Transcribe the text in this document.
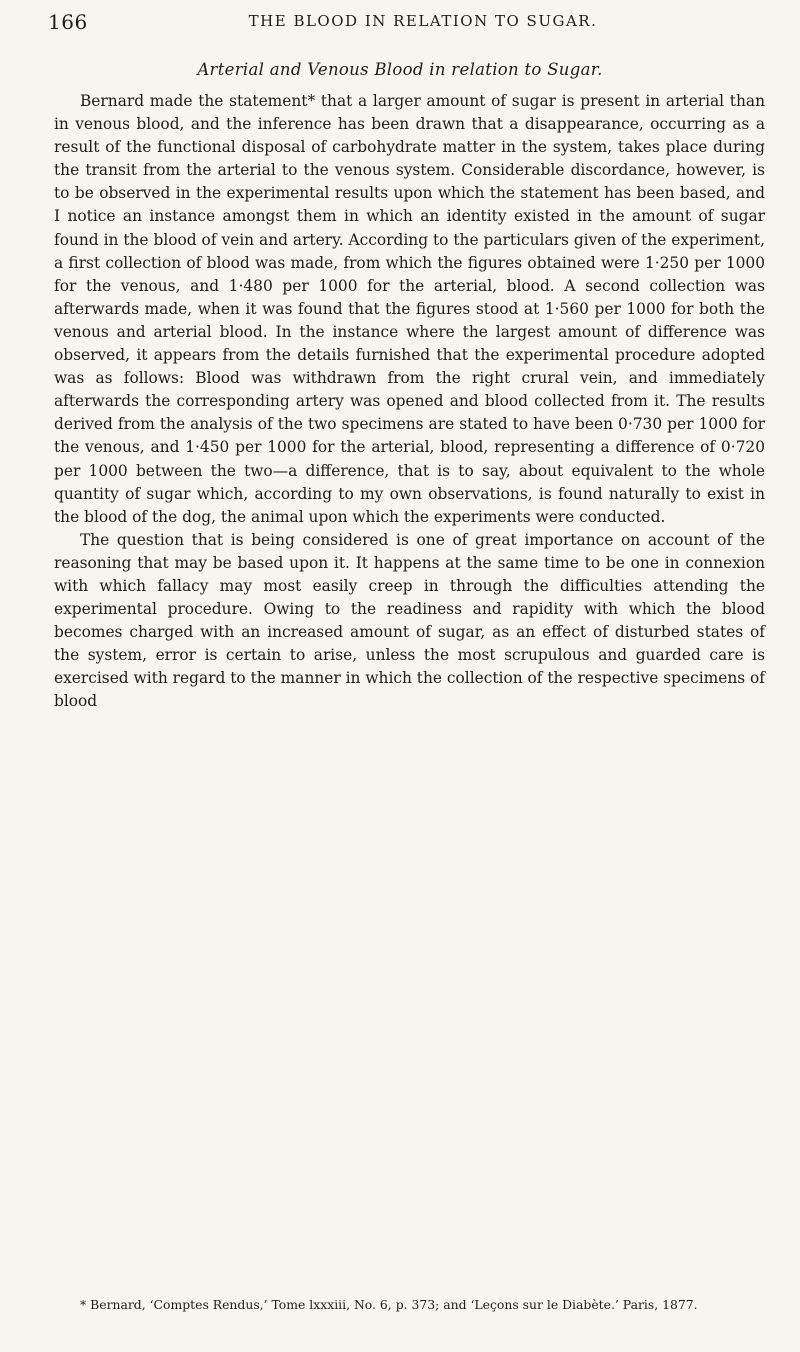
166	THE BLOOD IN RELATION TO SUGAR.
Arterial and Venous Blood in relation to Sugar.

Bernard made the statement* that a larger amount of sugar is present in arterial than in venous blood, and the inference has been drawn that a disappearance, occurring as a result of the functional disposal of carbohydrate matter in the system, takes place during the transit from the arterial to the venous system. Considerable discordance, however, is to be observed in the experimental results upon which the statement has been based, and I notice an instance amongst them in which an identity existed in the amount of sugar found in the blood of vein and artery. According to the particulars given of the experiment, a first collection of blood was made, from which the figures obtained were 1·250 per 1000 for the venous, and 1·480 per 1000 for the arterial, blood. A second collection was afterwards made, when it was found that the figures stood at 1·560 per 1000 for both the venous and arterial blood. In the instance where the largest amount of difference was observed, it appears from the details furnished that the experimental procedure adopted was as follows: Blood was withdrawn from the right crural vein, and immediately afterwards the corresponding artery was opened and blood collected from it. The results derived from the analysis of the two specimens are stated to have been 0·730 per 1000 for the venous, and 1·450 per 1000 for the arterial, blood, representing a difference of 0·720 per 1000 between the two—a difference, that is to say, about equivalent to the whole quantity of sugar which, according to my own observations, is found naturally to exist in the blood of the dog, the animal upon which the experiments were conducted.

The question that is being considered is one of great importance on account of the reasoning that may be based upon it. It happens at the same time to be one in connexion with which fallacy may most easily creep in through the difficulties attending the experimental procedure. Owing to the readiness and rapidity with which the blood becomes charged with an increased amount of sugar, as an effect of disturbed states of the system, error is certain to arise, unless the most scrupulous and guarded care is exercised with regard to the manner in which the collection of the respective specimens of blood

* Bernard, ‘Comptes Rendus,’ Tome lxxxiii, No. 6, p. 373; and ‘Leçons sur le Diabète.’ Paris, 1877.
